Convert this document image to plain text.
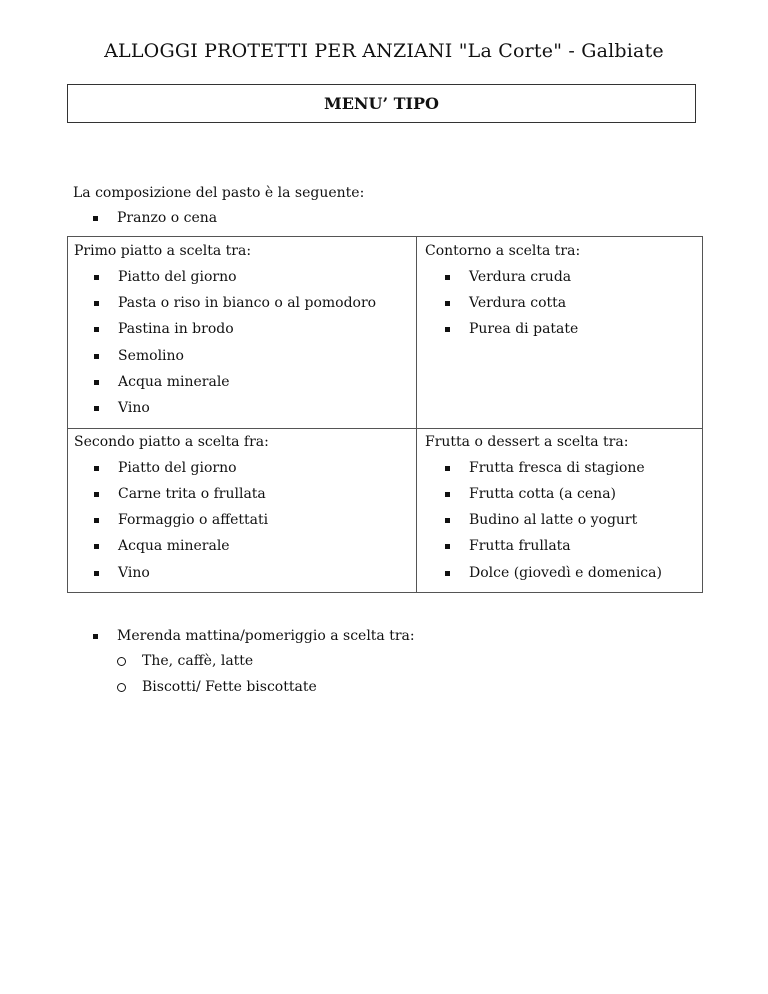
ALLOGGI PROTETTI PER ANZIANI "La Corte" - Galbiate
MENU’ TIPO
La composizione del pasto è la seguente:
Pranzo o cena
Primo piatto a scelta tra:
Piatto del giorno
Pasta o riso in bianco o al pomodoro
Pastina in brodo
Semolino
Acqua minerale
Vino
Contorno a scelta tra:
Verdura cruda
Verdura cotta
Purea di patate
Secondo piatto a scelta fra:
Piatto del giorno
Carne trita o frullata
Formaggio o affettati
Acqua minerale
Vino
Frutta o dessert a scelta tra:
Frutta fresca di stagione
Frutta cotta (a cena)
Budino al latte o yogurt
Frutta frullata
Dolce (giovedì e domenica)
Merenda mattina/pomeriggio a scelta tra:
The, caffè, latte
Biscotti/ Fette biscottate
